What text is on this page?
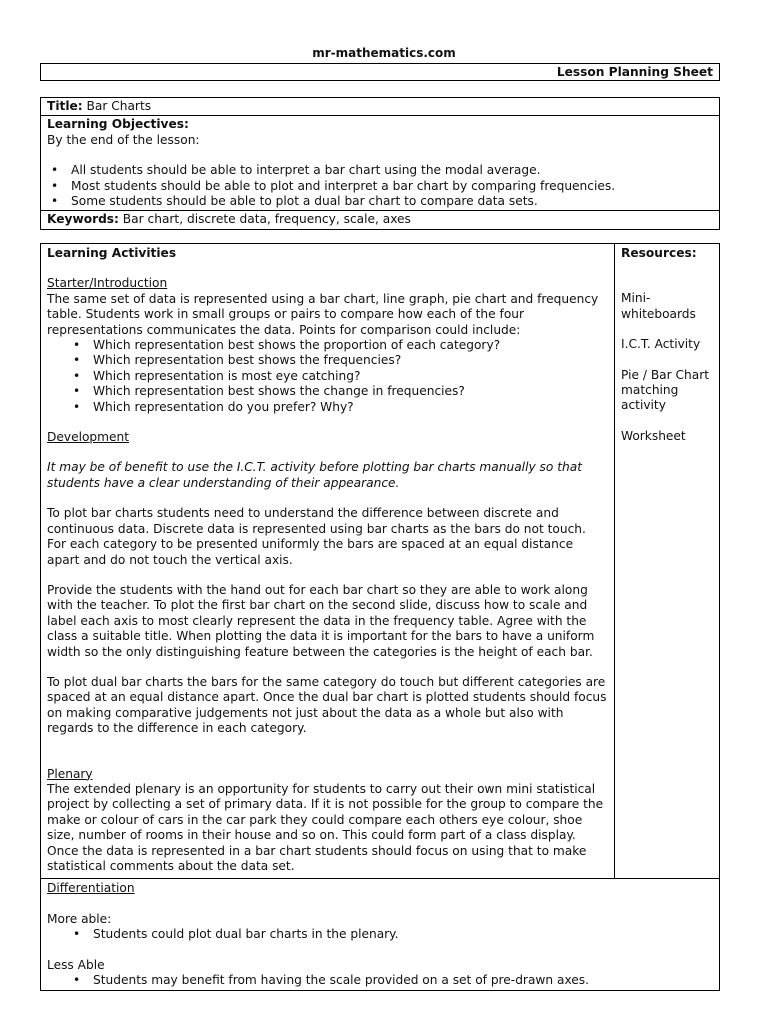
mr-mathematics.com
Lesson Planning Sheet
Title: Bar Charts
Learning Objectives:
By the end of the lesson:
• All students should be able to interpret a bar chart using the modal average.
• Most students should be able to plot and interpret a bar chart by comparing frequencies.
• Some students should be able to plot a dual bar chart to compare data sets.
Keywords: Bar chart, discrete data, frequency, scale, axes
Learning Activities
Starter/Introduction

The same set of data is represented using a bar chart, line graph, pie chart and frequency table. Students work in small groups or pairs to compare how each of the four representations communicates the data. Points for comparison could include:

• Which representation best shows the proportion of each category?
• Which representation best shows the frequencies?
• Which representation is most eye catching?
• Which representation best shows the change in frequencies?
• Which representation do you prefer? Why?
Development

It may be of benefit to use the I.C.T. activity before plotting bar charts manually so that students have a clear understanding of their appearance.

To plot bar charts students need to understand the difference between discrete and continuous data. Discrete data is represented using bar charts as the bars do not touch. For each category to be presented uniformly the bars are spaced at an equal distance apart and do not touch the vertical axis.

Provide the students with the hand out for each bar chart so they are able to work along with the teacher. To plot the first bar chart on the second slide, discuss how to scale and label each axis to most clearly represent the data in the frequency table. Agree with the class a suitable title. When plotting the data it is important for the bars to have a uniform width so the only distinguishing feature between the categories is the height of each bar.

To plot dual bar charts the bars for the same category do touch but different categories are spaced at an equal distance apart. Once the dual bar chart is plotted students should focus on making comparative judgements not just about the data as a whole but also with regards to the difference in each category.

Plenary

The extended plenary is an opportunity for students to carry out their own mini statistical project by collecting a set of primary data. If it is not possible for the group to compare the make or colour of cars in the car park they could compare each others eye colour, shoe size, number of rooms in their house and so on. This could form part of a class display. Once the data is represented in a bar chart students should focus on using that to make statistical comments about the data set.

Resources:
Mini-whiteboards
I.C.T. Activity
Pie / Bar Chart matching activity
Worksheet
Differentiation
More able:
• Students could plot dual bar charts in the plenary.
Less Able
• Students may benefit from having the scale provided on a set of pre-drawn axes.
